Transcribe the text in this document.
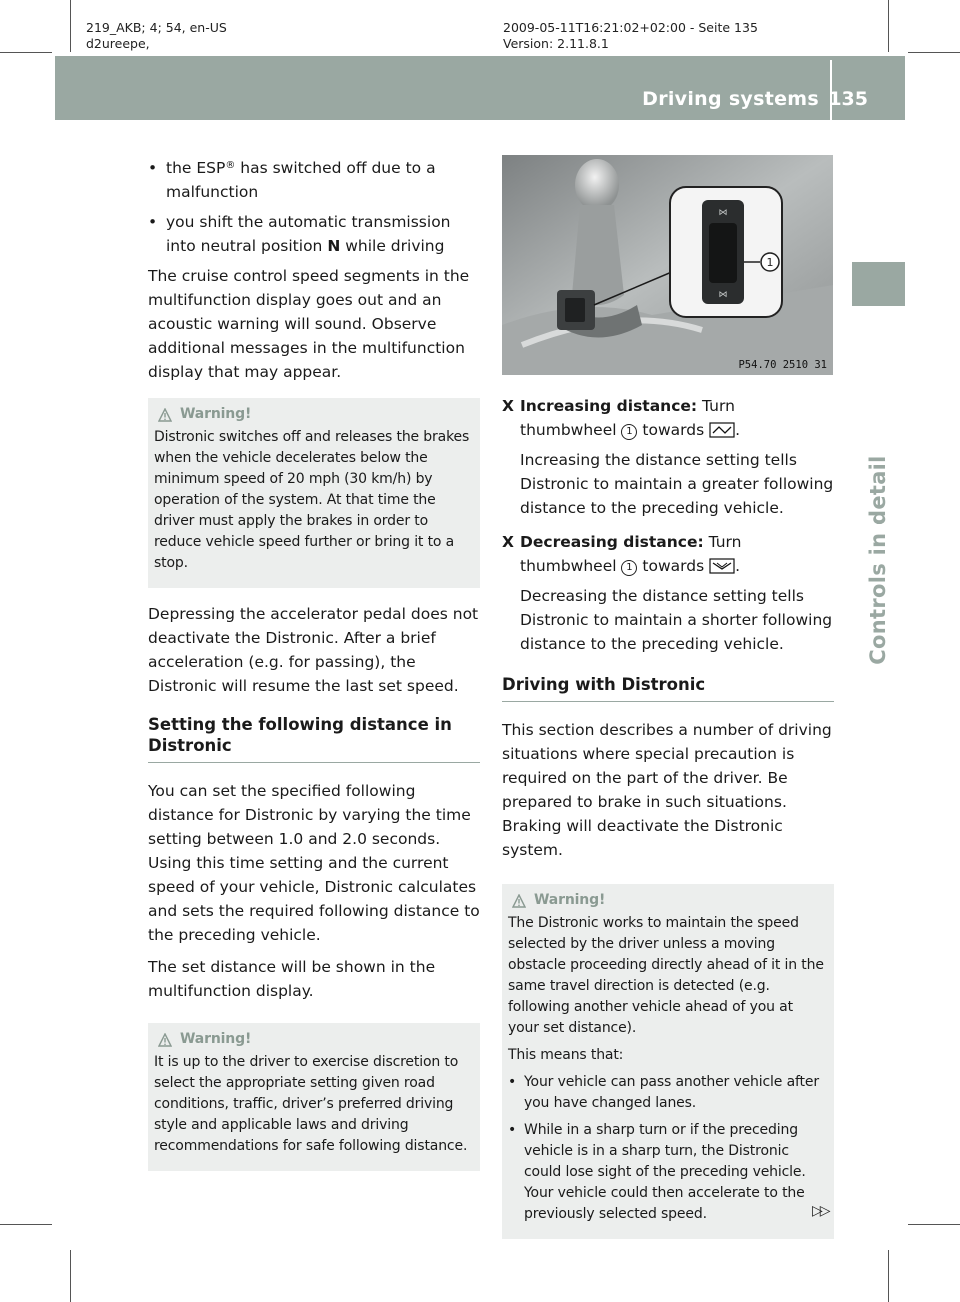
219_AKB; 4; 54, en-US
d2ureepe,
2009-05-11T16:21:02+02:00 - Seite 135
Version: 2.11.8.1
Driving systems 135
Controls in detail
• the ESP® has switched off due to a malfunction
• you shift the automatic transmission into neutral position N while driving

The cruise control speed segments in the multifunction display goes out and an acoustic warning will sound. Observe additional messages in the multifunction display that may appear.

Warning!

Distronic switches off and releases the brakes when the vehicle decelerates below the minimum speed of 20 mph (30 km/h) by operation of the system. At that time the driver must apply the brakes in order to reduce vehicle speed further or bring it to a stop.

Depressing the accelerator pedal does not deactivate the Distronic. After a brief acceleration (e.g. for passing), the Distronic will resume the last set speed.

Setting the following distance in Distronic

You can set the specified following distance for Distronic by varying the time setting between 1.0 and 2.0 seconds. Using this time setting and the current speed of your vehicle, Distronic calculates and sets the required following distance to the preceding vehicle.

The set distance will be shown in the multifunction display.

Warning!

It is up to the driver to exercise discretion to select the appropriate setting given road conditions, traffic, driver’s preferred driving style and applicable laws and driving recommendations for safe following distance.

⋈
⋈
1
P54.70 2510 31
X Increasing distance: Turn thumbwheel 1 towards .
Increasing the distance setting tells Distronic to maintain a greater following distance to the preceding vehicle.
X Decreasing distance: Turn thumbwheel 1 towards .
Decreasing the distance setting tells Distronic to maintain a shorter following distance to the preceding vehicle.
Driving with Distronic

This section describes a number of driving situations where special precaution is required on the part of the driver. Be prepared to brake in such situations. Braking will deactivate the Distronic system.

Warning!

The Distronic works to maintain the speed selected by the driver unless a moving obstacle proceeding directly ahead of it in the same travel direction is detected (e.g. following another vehicle ahead of you at your set distance).

This means that:

• Your vehicle can pass another vehicle after you have changed lanes.
• While in a sharp turn or if the preceding vehicle is in a sharp turn, the Distronic could lose sight of the preceding vehicle. Your vehicle could then accelerate to the previously selected speed.	▷▷
